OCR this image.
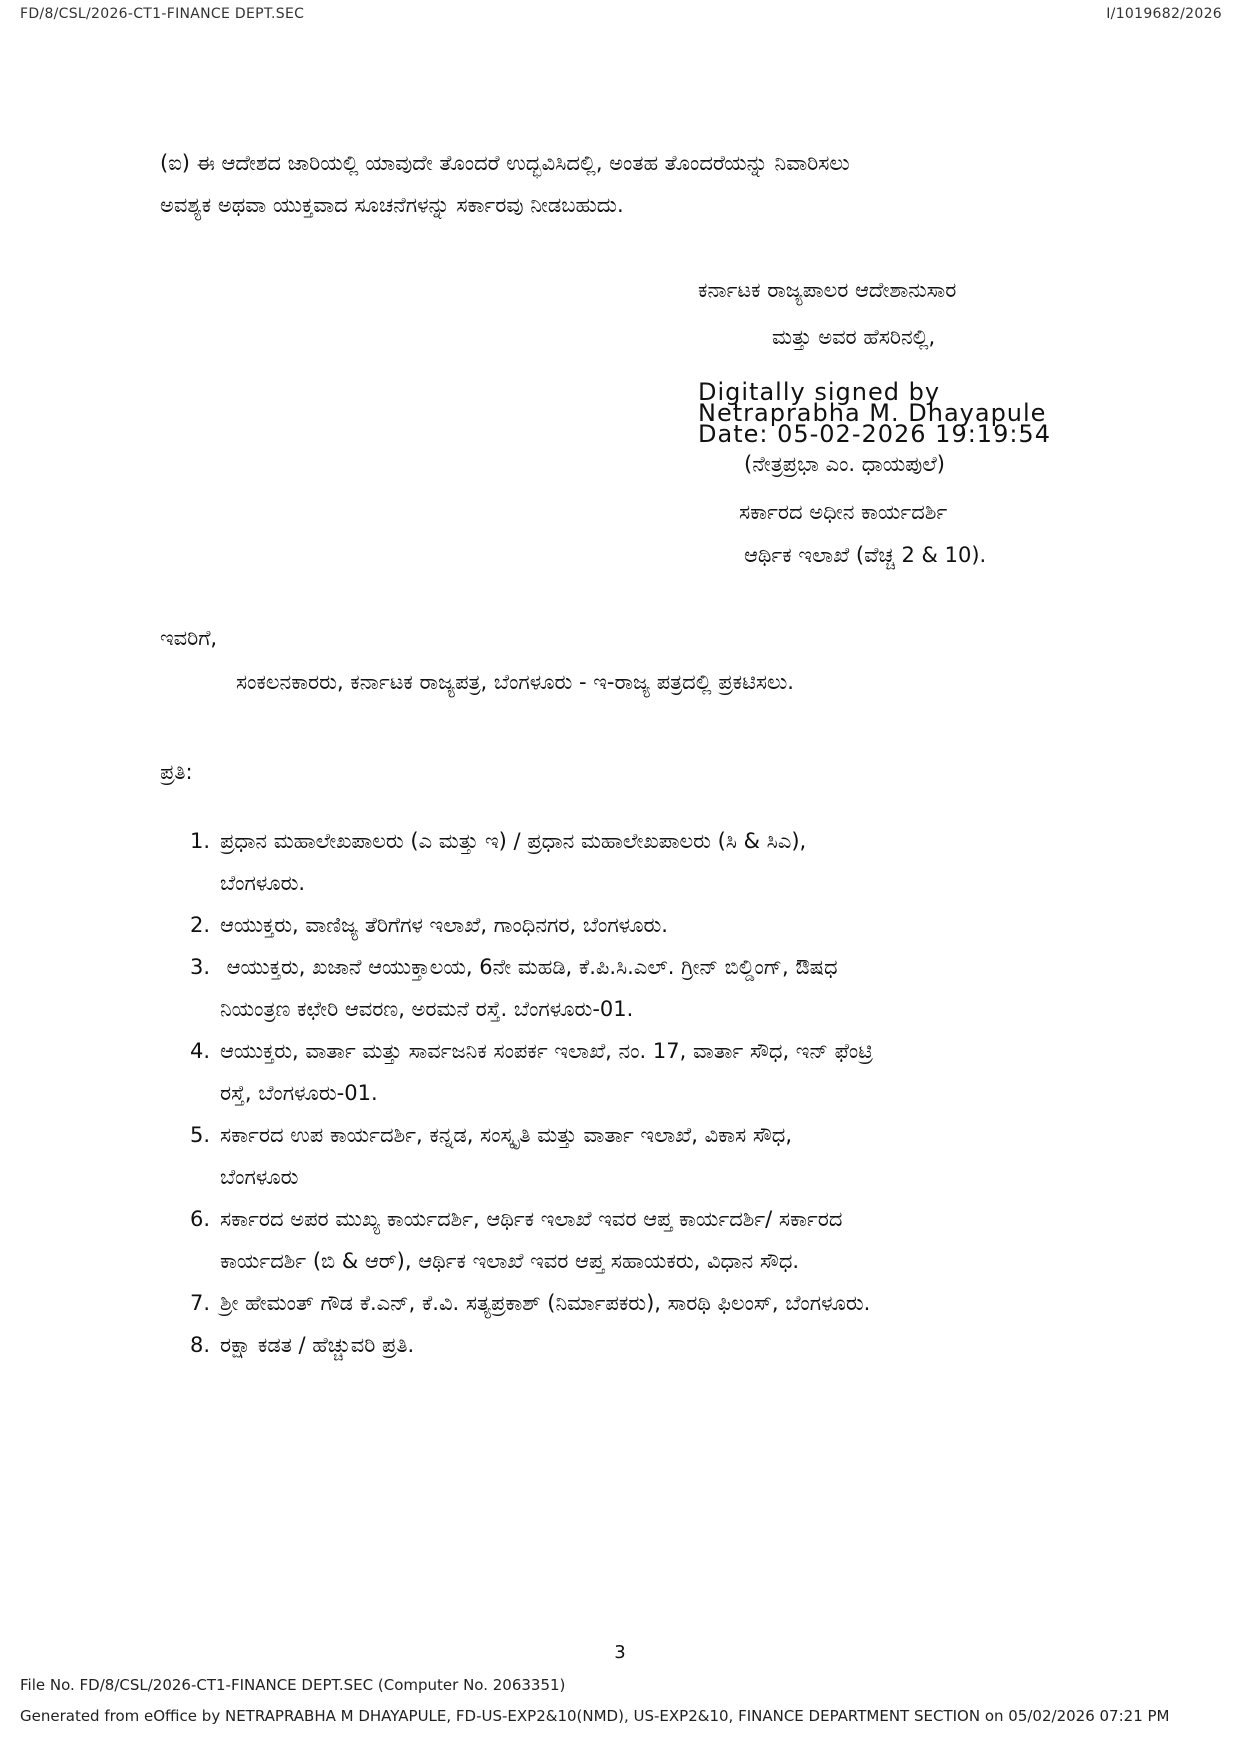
FD/8/CSL/2026-CT1-FINANCE DEPT.SEC	I/1019682/2026

(ಐ) ಈ ಆದೇಶದ ಜಾರಿಯಲ್ಲಿ ಯಾವುದೇ ತೊಂದರೆ ಉದ್ಭವಿಸಿದಲ್ಲಿ, ಅಂತಹ ತೊಂದರೆಯನ್ನು ನಿವಾರಿಸಲು

ಅವಶ್ಯಕ ಅಥವಾ ಯುಕ್ತವಾದ ಸೂಚನೆಗಳನ್ನು ಸರ್ಕಾರವು ನೀಡಬಹುದು.

ಕರ್ನಾಟಕ ರಾಜ್ಯಪಾಲರ ಆದೇಶಾನುಸಾರ
ಮತ್ತು ಅವರ ಹೆಸರಿನಲ್ಲಿ,
Digitally signed by
Netraprabha M. Dhayapule
Date: 05-02-2026 19:19:54
(ನೇತ್ರಪ್ರಭಾ ಎಂ. ಧಾಯಪುಲೆ)
ಸರ್ಕಾರದ ಅಧೀನ ಕಾರ್ಯದರ್ಶಿ
ಆರ್ಥಿಕ ಇಲಾಖೆ (ವೆಚ್ಚ 2 & 10).
ಇವರಿಗೆ,
ಸಂಕಲನಕಾರರು, ಕರ್ನಾಟಕ ರಾಜ್ಯಪತ್ರ, ಬೆಂಗಳೂರು - ಇ-ರಾಜ್ಯ ಪತ್ರದಲ್ಲಿ ಪ್ರಕಟಿಸಲು.
ಪ್ರತಿ:
1. ಪ್ರಧಾನ ಮಹಾಲೇಖಪಾಲರು (ಎ ಮತ್ತು ಇ) / ಪ್ರಧಾನ ಮಹಾಲೇಖಪಾಲರು (ಸಿ & ಸಿಎ),
ಬೆಂಗಳೂರು.
2. ಆಯುಕ್ತರು, ವಾಣಿಜ್ಯ ತೆರಿಗೆಗಳ ಇಲಾಖೆ, ಗಾಂಧಿನಗರ, ಬೆಂಗಳೂರು.
3. ಆಯುಕ್ತರು, ಖಜಾನೆ ಆಯುಕ್ತಾಲಯ, 6ನೇ ಮಹಡಿ, ಕೆ.ಪಿ.ಸಿ.ಎಲ್. ಗ್ರೀನ್ ಬಿಲ್ಡಿಂಗ್, ಔಷಧ
ನಿಯಂತ್ರಣ ಕಛೇರಿ ಆವರಣ, ಅರಮನೆ ರಸ್ತೆ. ಬೆಂಗಳೂರು-01.
4. ಆಯುಕ್ತರು, ವಾರ್ತಾ ಮತ್ತು ಸಾರ್ವಜನಿಕ ಸಂಪರ್ಕ ಇಲಾಖೆ, ನಂ. 17, ವಾರ್ತಾ ಸೌಧ, ಇನ್ ಫೆಂಟ್ರಿ
ರಸ್ತೆ, ಬೆಂಗಳೂರು-01.
5. ಸರ್ಕಾರದ ಉಪ ಕಾರ್ಯದರ್ಶಿ, ಕನ್ನಡ, ಸಂಸ್ಕೃತಿ ಮತ್ತು ವಾರ್ತಾ ಇಲಾಖೆ, ವಿಕಾಸ ಸೌಧ,
ಬೆಂಗಳೂರು
6. ಸರ್ಕಾರದ ಅಪರ ಮುಖ್ಯ ಕಾರ್ಯದರ್ಶಿ, ಆರ್ಥಿಕ ಇಲಾಖೆ ಇವರ ಆಪ್ತ ಕಾರ್ಯದರ್ಶಿ/ ಸರ್ಕಾರದ
ಕಾರ್ಯದರ್ಶಿ (ಬಿ & ಆರ್), ಆರ್ಥಿಕ ಇಲಾಖೆ ಇವರ ಆಪ್ತ ಸಹಾಯಕರು, ವಿಧಾನ ಸೌಧ.
7. ಶ್ರೀ ಹೇಮಂತ್ ಗೌಡ ಕೆ.ಎನ್, ಕೆ.ವಿ. ಸತ್ಯಪ್ರಕಾಶ್ (ನಿರ್ಮಾಪಕರು), ಸಾರಥಿ ಫಿಲಂಸ್, ಬೆಂಗಳೂರು.
8. ರಕ್ಷಾ ಕಡತ / ಹೆಚ್ಚುವರಿ ಪ್ರತಿ.
3
File No. FD/8/CSL/2026-CT1-FINANCE DEPT.SEC (Computer No. 2063351)
Generated from eOffice by NETRAPRABHA M DHAYAPULE, FD-US-EXP2&10(NMD), US-EXP2&10, FINANCE DEPARTMENT SECTION on 05/02/2026 07:21 PM
